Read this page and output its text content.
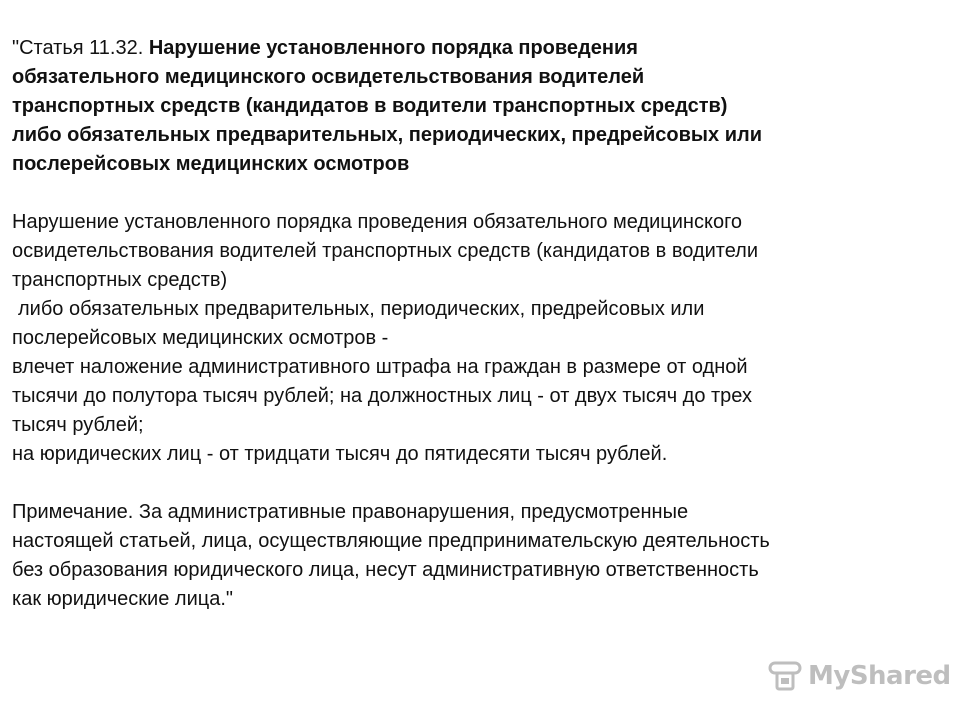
"Статья 11.32. Нарушение установленного порядка проведения
обязательного медицинского освидетельствования водителей
транспортных средств (кандидатов в водители транспортных средств)
либо обязательных предварительных, периодических, предрейсовых или
послерейсовых медицинских осмотров
Нарушение установленного порядка проведения обязательного медицинского
освидетельствования водителей транспортных средств (кандидатов в водители
транспортных средств)
либо обязательных предварительных, периодических, предрейсовых или
послерейсовых медицинских осмотров -
влечет наложение административного штрафа на граждан в размере от одной
тысячи до полутора тысяч рублей; на должностных лиц - от двух тысяч до трех
тысяч рублей;
на юридических лиц - от тридцати тысяч до пятидесяти тысяч рублей.
Примечание. За административные правонарушения, предусмотренные
настоящей статьей, лица, осуществляющие предпринимательскую деятельность
без образования юридического лица, несут административную ответственность
как юридические лица."
MyShared
